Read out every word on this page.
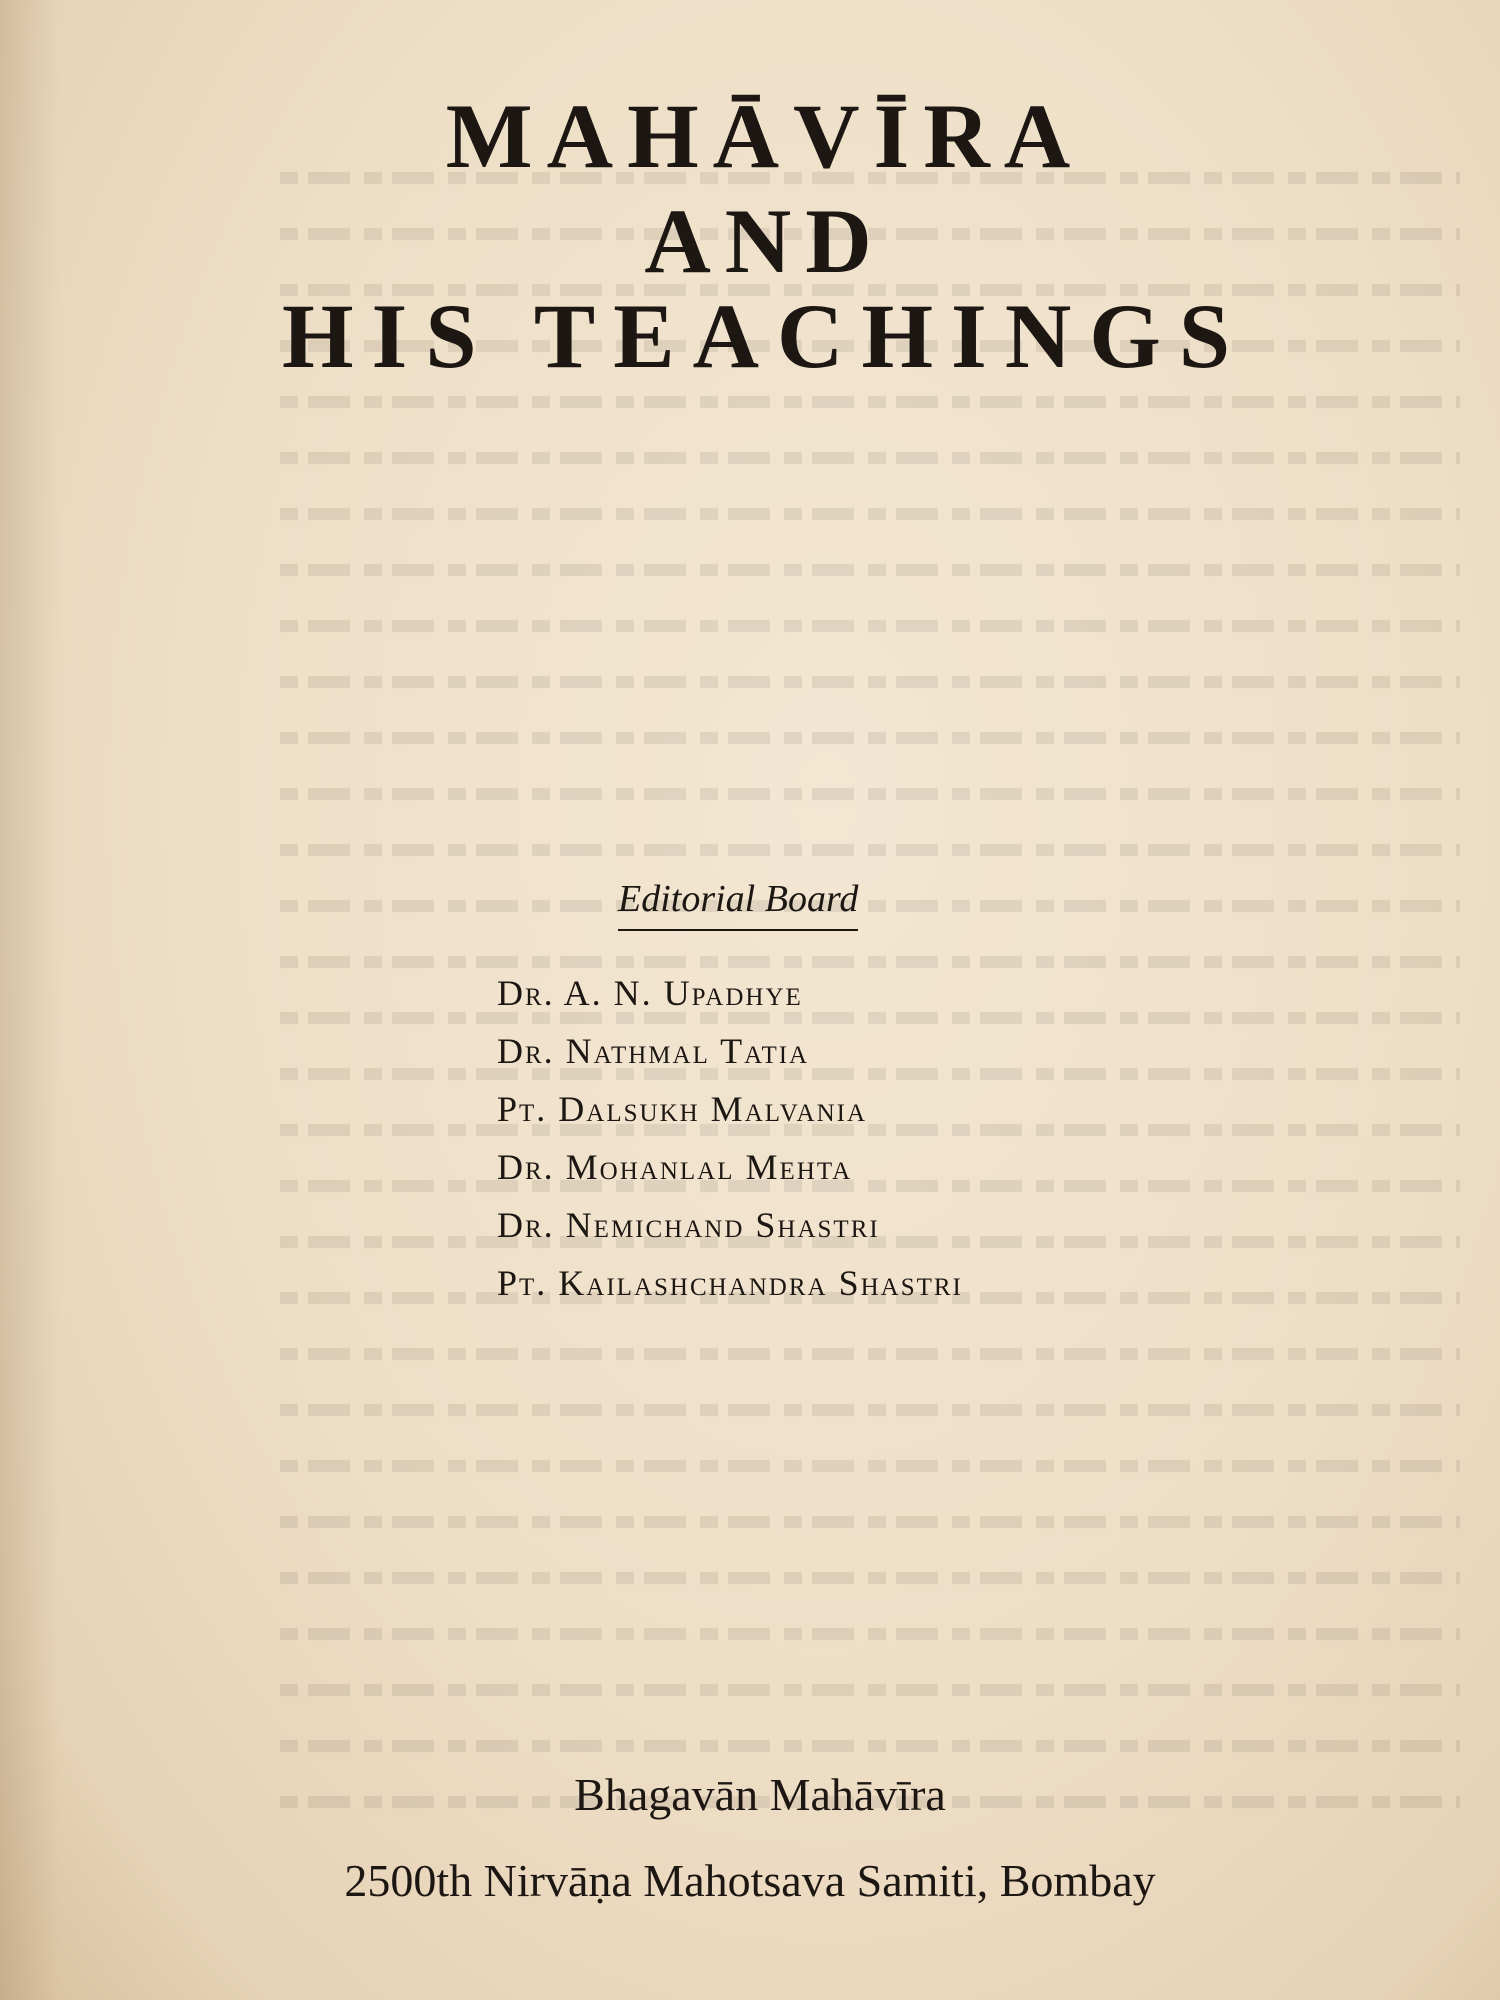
MAHĀVĪRA
AND
HIS TEACHINGS
Editorial Board
Dr. A. N. Upadhye
Dr. Nathmal Tatia
Pt. Dalsukh Malvania
Dr. Mohanlal Mehta
Dr. Nemichand Shastri
Pt. Kailashchandra Shastri
Bhagavān Mahāvīra
2500th Nirvāṇa Mahotsava Samiti, Bombay
